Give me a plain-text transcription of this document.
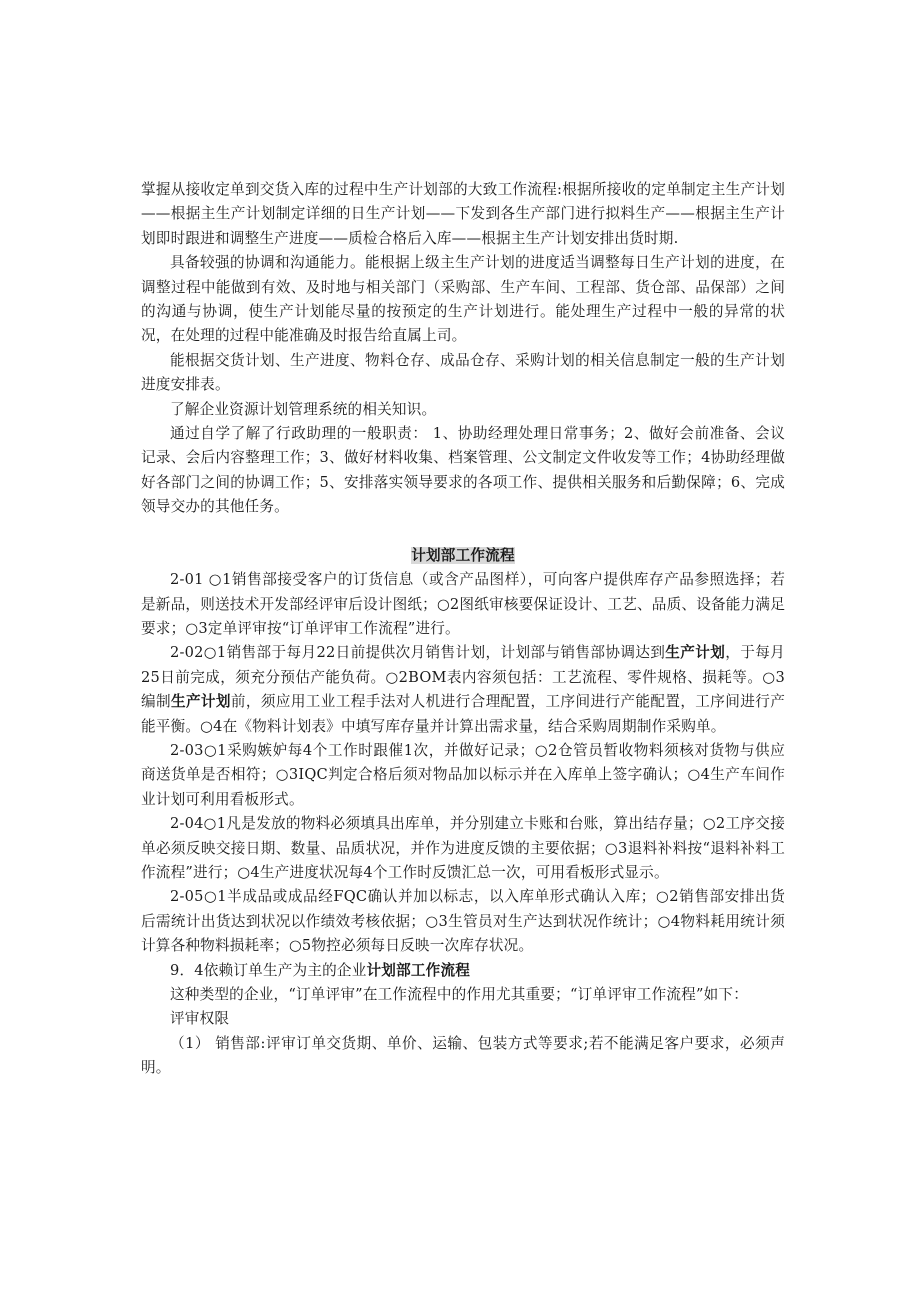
掌握从接收定单到交货入库的过程中生产计划部的大致工作流程:根据所接收的定单制定主生产计划——根据主生产计划制定详细的日生产计划——下发到各生产部门进行拟料生产——根据主生产计划即时跟进和调整生产进度——质检合格后入库——根据主生产计划安排出货时期.

具备较强的协调和沟通能力。能根据上级主生产计划的进度适当调整每日生产计划的进度，在调整过程中能做到有效、及时地与相关部门（采购部、生产车间、工程部、货仓部、品保部）之间的沟通与协调，使生产计划能尽量的按预定的生产计划进行。能处理生产过程中一般的异常的状况，在处理的过程中能准确及时报告给直属上司。

能根据交货计划、生产进度、物料仓存、成品仓存、采购计划的相关信息制定一般的生产计划进度安排表。

了解企业资源计划管理系统的相关知识。

通过自学了解了行政助理的一般职责： 1、协助经理处理日常事务；2、做好会前准备、会议记录、会后内容整理工作；3、做好材料收集、档案管理、公文制定文件收发等工作；4协助经理做好各部门之间的协调工作；5、安排落实领导要求的各项工作、提供相关服务和后勤保障；6、完成领导交办的其他任务。

计划部工作流程

2-01 ○1销售部接受客户的订货信息（或含产品图样），可向客户提供库存产品参照选择；若是新品，则送技术开发部经评审后设计图纸；○2图纸审核要保证设计、工艺、品质、设备能力满足要求；○3定单评审按“订单评审工作流程”进行。

2-02○1销售部于每月22日前提供次月销售计划，计划部与销售部协调达到生产计划，于每月25日前完成，须充分预估产能负荷。○2BOM表内容须包括：工艺流程、零件规格、损耗等。○3编制生产计划前，须应用工业工程手法对人机进行合理配置，工序间进行产能配置，工序间进行产能平衡。○4在《物料计划表》中填写库存量并计算出需求量，结合采购周期制作采购单。

2-03○1采购嫉妒每4个工作时跟催1次，并做好记录；○2仓管员暂收物料须核对货物与供应商送货单是否相符；○3IQC判定合格后须对物品加以标示并在入库单上签字确认；○4生产车间作业计划可利用看板形式。

2-04○1凡是发放的物料必须填具出库单，并分别建立卡账和台账，算出结存量；○2工序交接单必须反映交接日期、数量、品质状况，并作为进度反馈的主要依据；○3退料补料按“退料补料工作流程”进行；○4生产进度状况每4个工作时反馈汇总一次，可用看板形式显示。

2-05○1半成品或成品经FQC确认并加以标志，以入库单形式确认入库；○2销售部安排出货后需统计出货达到状况以作绩效考核依据；○3生管员对生产达到状况作统计；○4物料耗用统计须计算各种物料损耗率；○5物控必须每日反映一次库存状况。

9．4依赖订单生产为主的企业计划部工作流程

这种类型的企业，“订单评审”在工作流程中的作用尤其重要；“订单评审工作流程”如下：

评审权限

（1） 销售部:评审订单交货期、单价、运输、包装方式等要求;若不能满足客户要求，必须声明。
